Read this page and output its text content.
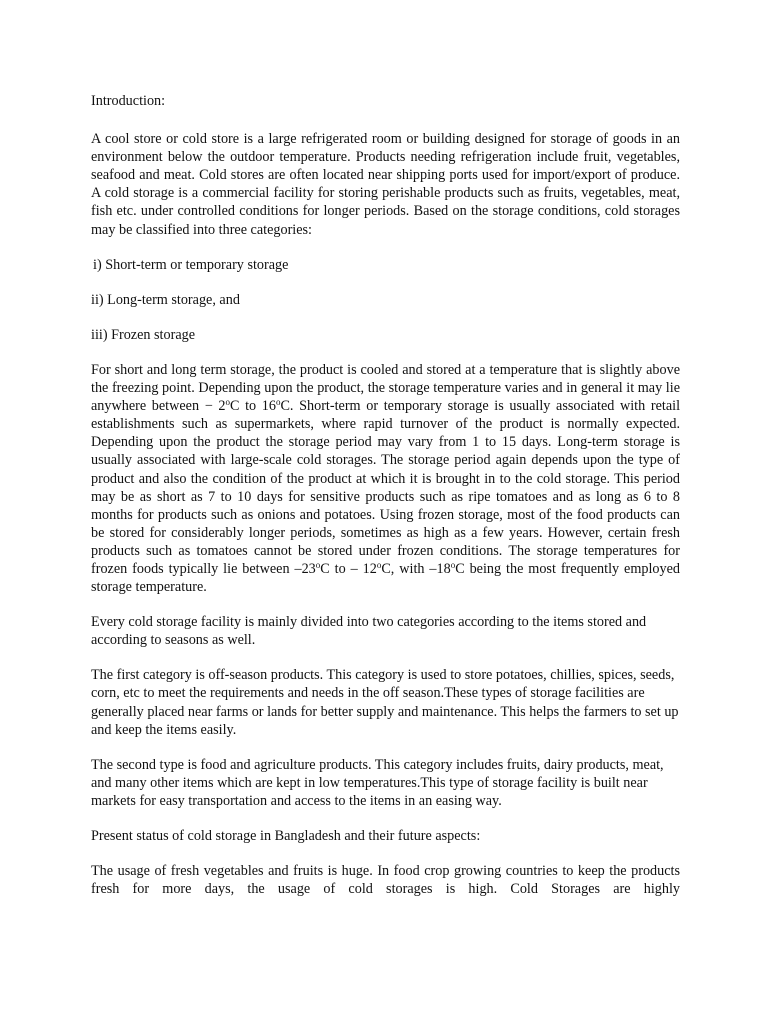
Introduction:

A cool store or cold store is a large refrigerated room or building designed for storage of goods in an environment below the outdoor temperature. Products needing refrigeration include fruit, vegetables, seafood and meat. Cold stores are often located near shipping ports used for import/export of produce. A cold storage is a commercial facility for storing perishable products such as fruits, vegetables, meat, fish etc. under controlled conditions for longer periods. Based on the storage conditions, cold storages may be classified into three categories:

i) Short-term or temporary storage

ii) Long-term storage, and

iii) Frozen storage

For short and long term storage, the product is cooled and stored at a temperature that is slightly above the freezing point. Depending upon the product, the storage temperature varies and in general it may lie anywhere between − $2^oC$ to 16$^o$C. Short-term or temporary storage is usually associated with retail establishments such as supermarkets, where rapid turnover of the product is normally expected. Depending upon the product the storage period may vary from 1 to 15 days. Long-term storage is usually associated with large-scale cold storages. The storage period again depends upon the type of product and also the condition of the product at which it is brought in to the cold storage. This period may be as short as 7 to 10 days for sensitive products such as ripe tomatoes and as long as 6 to 8 months for products such as onions and potatoes. Using frozen storage, most of the food products can be stored for considerably longer periods, sometimes as high as a few years. However, certain fresh products such as tomatoes cannot be stored under frozen conditions. The storage temperatures for frozen foods typically lie between –23$^o$C to – 12$^o$C, with –18$^o$C being the most frequently employed storage temperature.

Every cold storage facility is mainly divided into two categories according to the items stored and according to seasons as well.

The first category is off-season products. This category is used to store potatoes, chillies, spices, seeds, corn, etc to meet the requirements and needs in the off season.These types of storage facilities are generally placed near farms or lands for better supply and maintenance. This helps the farmers to set up and keep the items easily.

The second type is food and agriculture products. This category includes fruits, dairy products, meat, and many other items which are kept in low temperatures.This type of storage facility is built near markets for easy transportation and access to the items in an easing way.

Present status of cold storage in Bangladesh and their future aspects:

The usage of fresh vegetables and fruits is huge. In food crop growing countries to keep the products fresh for more days, the usage of cold storages is high. Cold Storages are highly
